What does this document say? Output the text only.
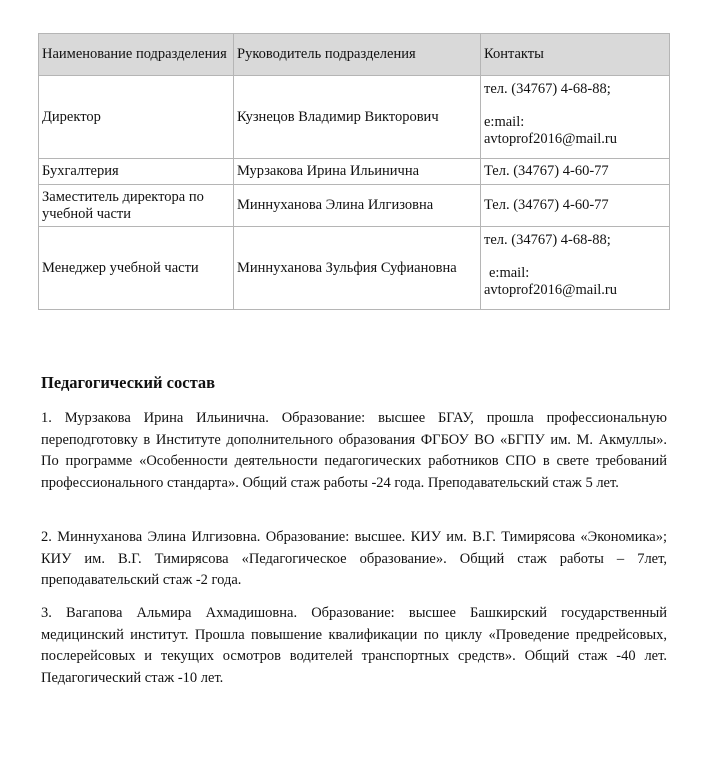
Наименование подразделения	Руководитель подразделения	Контакты
Директор	Кузнецов Владимир Викторович	тел. (34767) 4-68-88;
e:mail:
avtoprof2016@mail.ru

Бухгалтерия	Мурзакова Ирина Ильинична	Тел. (34767) 4-60-77

Заместитель директора по учебной части	Миннуханова Элина Илгизовна	Тел. (34767) 4-60-77

Менеджер учебной части	Миннуханова Зульфия Суфиановна	тел. (34767) 4-68-88;
e:mail:
avtoprof2016@mail.ru
Педагогический состав

1. Мурзакова Ирина Ильинична. Образование: высшее БГАУ, прошла профессиональную переподготовку в Институте дополнительного образования ФГБОУ ВО «БГПУ им. М. Акмуллы». По программе «Особенности деятельности педагогических работников СПО в свете требований профессионального стандарта». Общий стаж работы -24 года. Преподавательский стаж 5 лет.

2. Миннуханова Элина Илгизовна. Образование: высшее. КИУ им. В.Г. Тимирясова «Экономика»; КИУ им. В.Г. Тимирясова «Педагогическое образование». Общий стаж работы – 7лет, преподавательский стаж -2 года.

3. Вагапова Альмира Ахмадишовна. Образование: высшее Башкирский государственный медицинский институт. Прошла повышение квалификации по циклу «Проведение предрейсовых, послерейсовых и текущих осмотров водителей транспортных средств». Общий стаж -40 лет. Педагогический стаж -10 лет.
